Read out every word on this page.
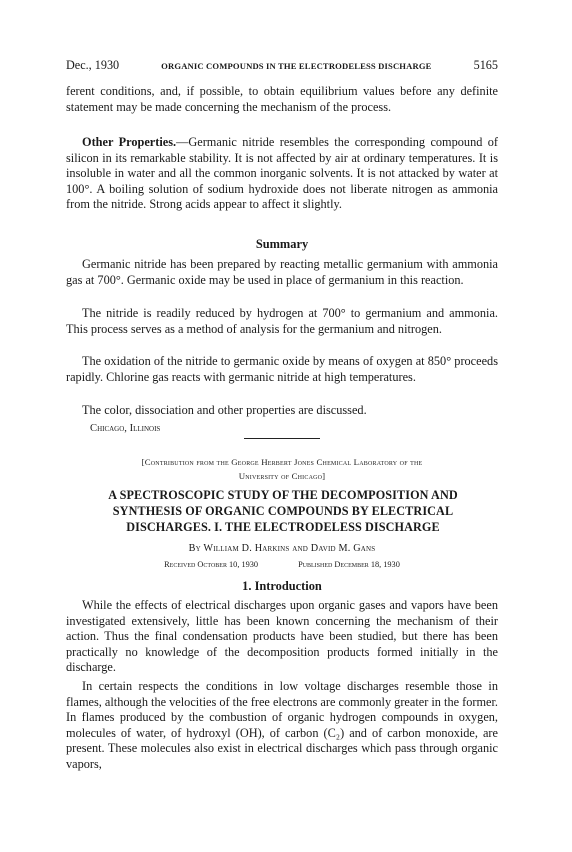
Dec., 1930	ORGANIC COMPOUNDS IN THE ELECTRODELESS DISCHARGE	5165

ferent conditions, and, if possible, to obtain equilibrium values before any definite statement may be made concerning the mechanism of the process.

Other Properties.—Germanic nitride resembles the corresponding compound of silicon in its remarkable stability. It is not affected by air at ordinary temperatures. It is insoluble in water and all the common inorganic solvents. It is not attacked by water at 100°. A boiling solution of sodium hydroxide does not liberate nitrogen as ammonia from the nitride. Strong acids appear to affect it slightly.

Summary

Germanic nitride has been prepared by reacting metallic germanium with ammonia gas at 700°. Germanic oxide may be used in place of germanium in this reaction.

The nitride is readily reduced by hydrogen at 700° to germanium and ammonia. This process serves as a method of analysis for the germanium and nitrogen.

The oxidation of the nitride to germanic oxide by means of oxygen at 850° proceeds rapidly. Chlorine gas reacts with germanic nitride at high temperatures.

The color, dissociation and other properties are discussed.

Chicago, Illinois
[Contribution from the George Herbert Jones Chemical Laboratory of the
University of Chicago]
A SPECTROSCOPIC STUDY OF THE DECOMPOSITION AND
SYNTHESIS OF ORGANIC COMPOUNDS BY ELECTRICAL
DISCHARGES. I. THE ELECTRODELESS DISCHARGE
By William D. Harkins and David M. Gans
Received October 10, 1930	Published December 18, 1930
1. Introduction

While the effects of electrical discharges upon organic gases and vapors have been investigated extensively, little has been known concerning the mechanism of their action. Thus the final condensation products have been studied, but there has been practically no knowledge of the decomposition products formed initially in the discharge.

In certain respects the conditions in low voltage discharges resemble those in flames, although the velocities of the free electrons are commonly greater in the former. In flames produced by the combustion of organic hydrogen compounds in oxygen, molecules of water, of hydroxyl (OH), of carbon (C₂) and of carbon monoxide, are present. These molecules also exist in electrical discharges which pass through organic vapors,
